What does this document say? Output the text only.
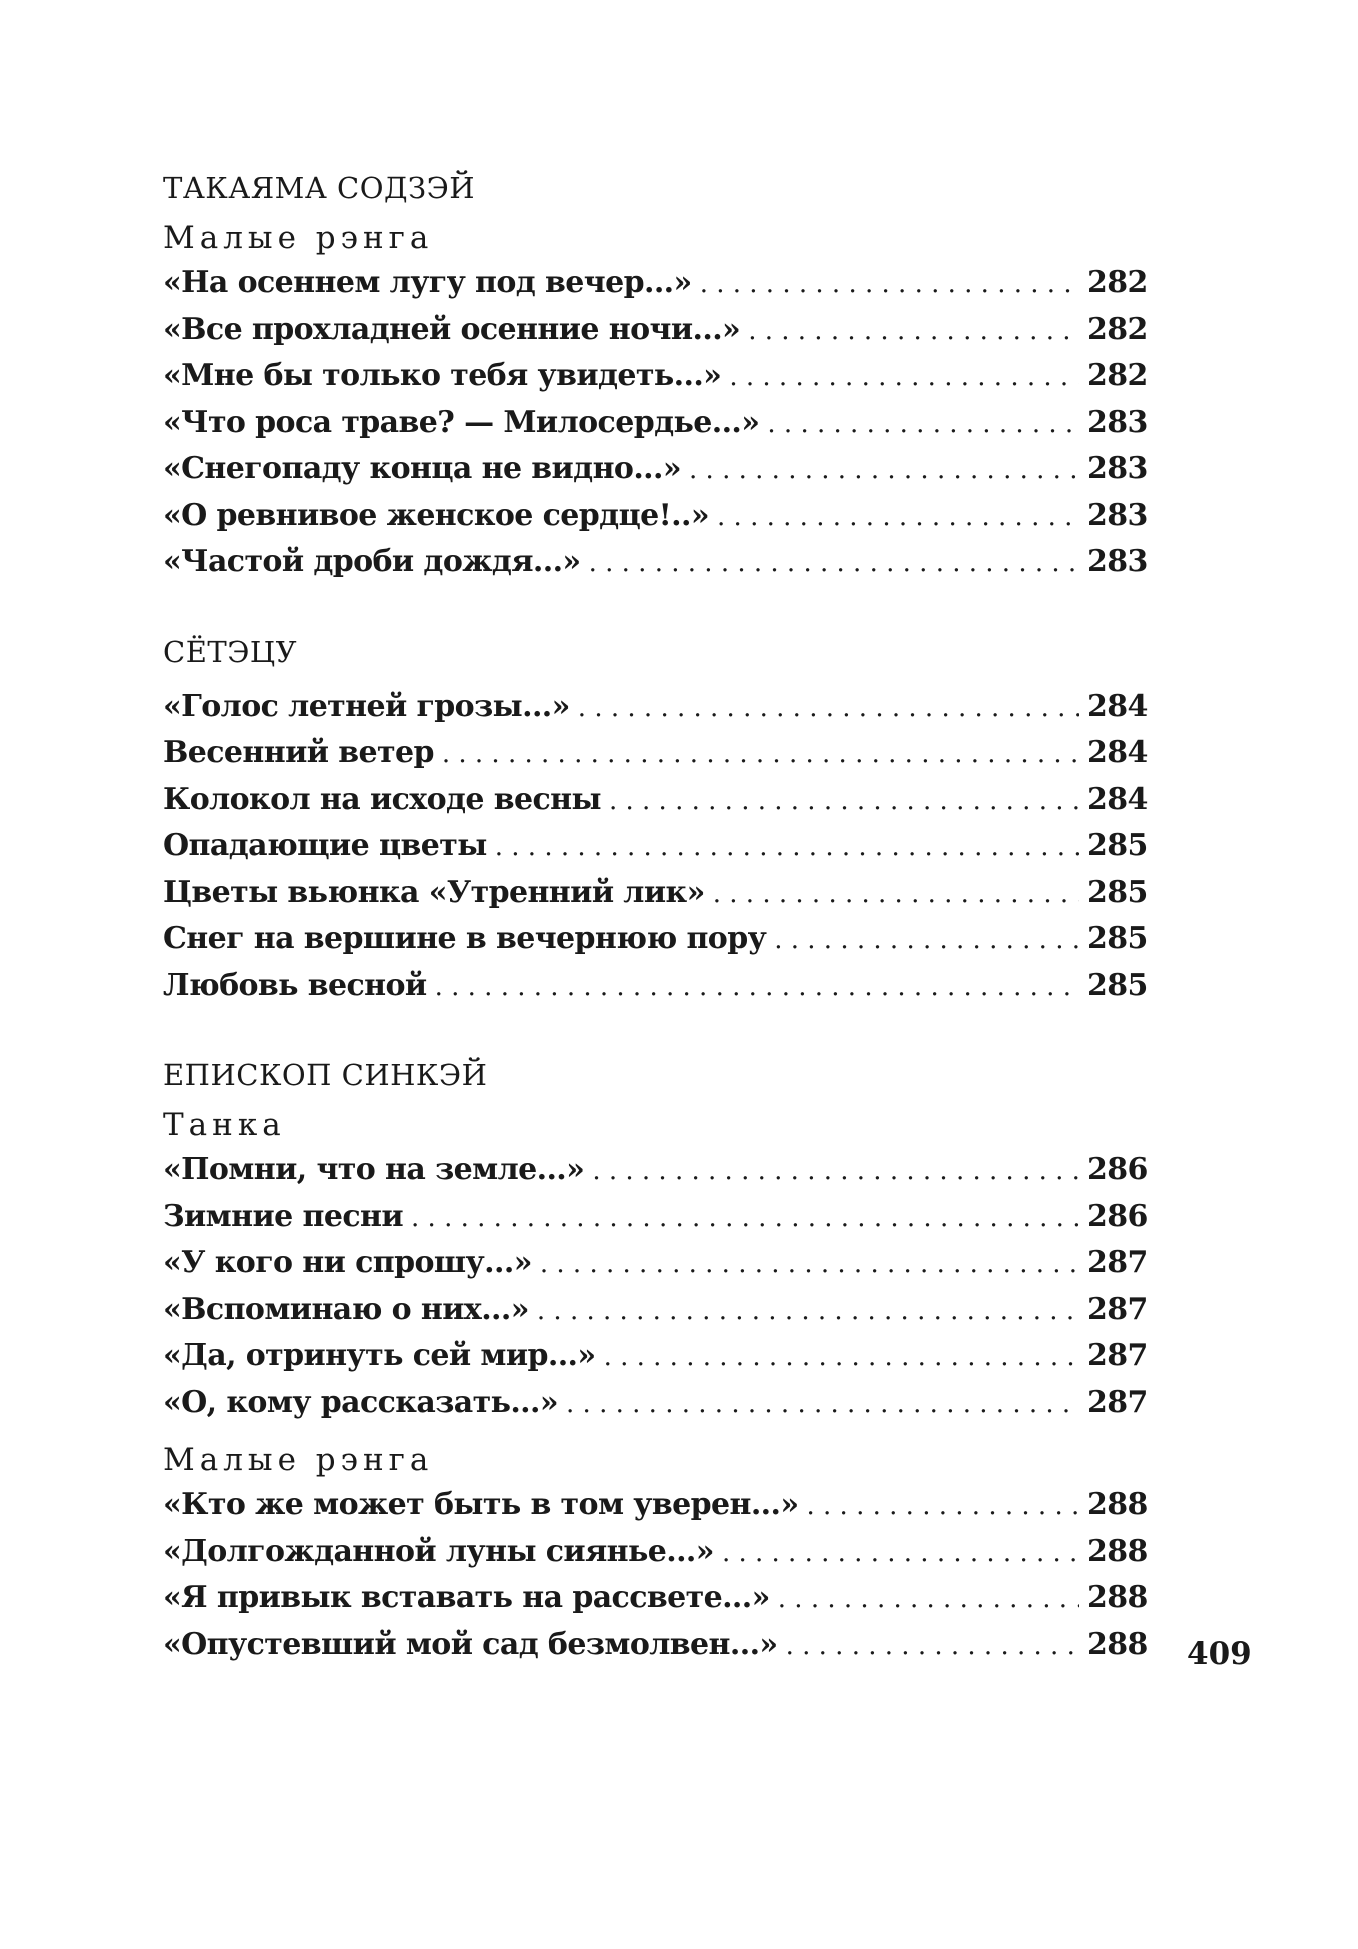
ТАКАЯМА СОДЗЭЙ
Малые рэнга
«На осеннем лугу под вечер...» . . .	282
«Все прохладней осенние ночи...» . . .	282
«Мне бы только тебя увидеть...» . . .	282
«Что роса траве? — Милосердье...» . . .	283
«Снегопаду конца не видно...» . . .	283
«О ревнивое женское сердце!..» . . .	283
«Частой дроби дождя...» . . .	283
СЁТЭЦУ
«Голос летней грозы...» . . .	284
Весенний ветер . . .	284
Колокол на исходе весны . . .	284
Опадающие цветы . . .	285
Цветы вьюнка «Утренний лик» . . .	285
Снег на вершине в вечернюю пору . . .	285
Любовь весной . . .	285
ЕПИСКОП СИНКЭЙ
Танка
«Помни, что на земле...» . . .	286
Зимние песни . . .	286
«У кого ни спрошу...» . . .	287
«Вспоминаю о них...» . . .	287
«Да, отринуть сей мир...» . . .	287
«О, кому рассказать...» . . .	287
Малые рэнга
«Кто же может быть в том уверен...» . . .	288
«Долгожданной луны сиянье...» . . .	288
«Я привык вставать на рассвете...» . . .	288
«Опустевший мой сад безмолвен...» . . .	288 409
